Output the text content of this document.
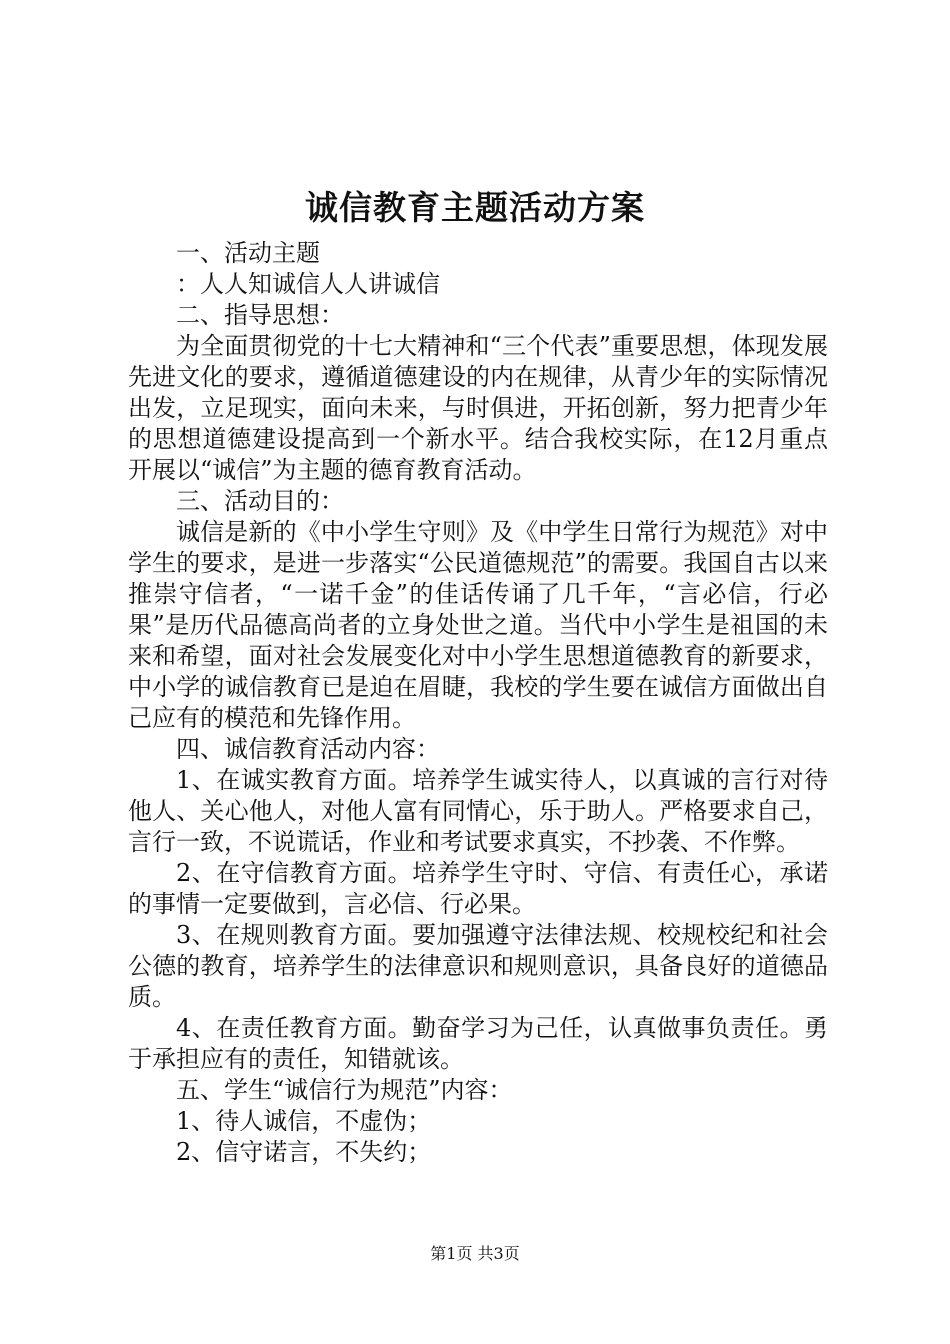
诚信教育主题活动方案

一、活动主题

：人人知诚信人人讲诚信

二、指导思想：

为全面贯彻党的十七大精神和“三个代表”重要思想，体现发展先进文化的要求，遵循道德建设的内在规律，从青少年的实际情况出发，立足现实，面向未来，与时俱进，开拓创新，努力把青少年的思想道德建设提高到一个新水平。结合我校实际，在12月重点开展以“诚信”为主题的德育教育活动。

三、活动目的：

诚信是新的《中小学生守则》及《中学生日常行为规范》对中学生的要求，是进一步落实“公民道德规范”的需要。我国自古以来推崇守信者，“一诺千金”的佳话传诵了几千年，“言必信，行必果”是历代品德高尚者的立身处世之道。当代中小学生是祖国的未来和希望，面对社会发展变化对中小学生思想道德教育的新要求，中小学的诚信教育已是迫在眉睫，我校的学生要在诚信方面做出自己应有的模范和先锋作用。

四、诚信教育活动内容：

1、在诚实教育方面。培养学生诚实待人，以真诚的言行对待他人、关心他人，对他人富有同情心，乐于助人。严格要求自己，言行一致，不说谎话，作业和考试要求真实，不抄袭、不作弊。

2、在守信教育方面。培养学生守时、守信、有责任心，承诺的事情一定要做到，言必信、行必果。

3、在规则教育方面。要加强遵守法律法规、校规校纪和社会公德的教育，培养学生的法律意识和规则意识，具备良好的道德品质。

4、在责任教育方面。勤奋学习为己任，认真做事负责任。勇于承担应有的责任，知错就该。

五、学生“诚信行为规范”内容：

1、待人诚信，不虚伪；

2、信守诺言，不失约；

第1页 共3页
